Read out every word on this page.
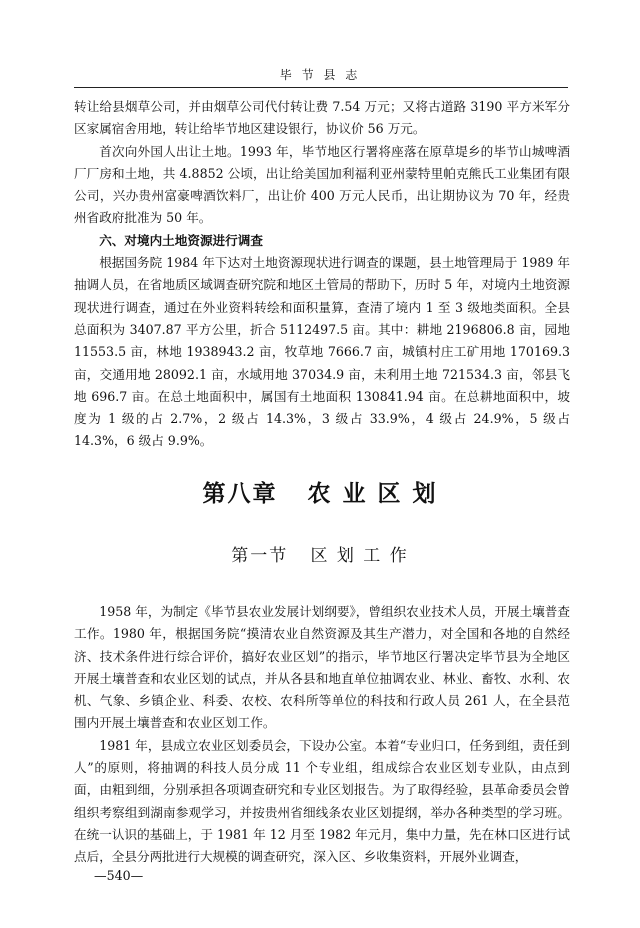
毕 节 县 志

转让给县烟草公司，并由烟草公司代付转让费 7.54 万元；又将古道路 3190 平方米军分区家属宿舍用地，转让给毕节地区建设银行，协议价 56 万元。

首次向外国人出让土地。1993 年，毕节地区行署将座落在原草堤乡的毕节山城啤酒厂厂房和土地，共 4.8852 公顷，出让给美国加利福利亚州蒙特里帕克熊氏工业集团有限公司，兴办贵州富豪啤酒饮料厂，出让价 400 万元人民币，出让期协议为 70 年，经贵州省政府批准为 50 年。

六、对境内土地资源进行调查

根据国务院 1984 年下达对土地资源现状进行调查的课题，县土地管理局于 1989 年抽调人员，在省地质区域调查研究院和地区土管局的帮助下，历时 5 年，对境内土地资源现状进行调查，通过在外业资料转绘和面积量算，查清了境内 1 至 3 级地类面积。全县总面积为 3407.87 平方公里，折合 5112497.5 亩。其中：耕地 2196806.8 亩，园地 11553.5 亩，林地 1938943.2 亩，牧草地 7666.7 亩，城镇村庄工矿用地 170169.3 亩，交通用地 28092.1 亩，水域用地 37034.9 亩，未利用土地 721534.3 亩，邻县飞地 696.7 亩。在总土地面积中，属国有土地面积 130841.94 亩。在总耕地面积中，坡度为 1 级的占 2.7%，2 级占 14.3%，3 级占 33.9%，4 级占 24.9%，5 级占 14.3%，6 级占 9.9%。

第八章   农 业 区 划
第一节   区 划 工 作

1958 年，为制定《毕节县农业发展计划纲要》，曾组织农业技术人员，开展土壤普查工作。1980 年，根据国务院“摸清农业自然资源及其生产潜力，对全国和各地的自然经济、技术条件进行综合评价，搞好农业区划”的指示，毕节地区行署决定毕节县为全地区开展土壤普查和农业区划的试点，并从各县和地直单位抽调农业、林业、畜牧、水利、农机、气象、乡镇企业、科委、农校、农科所等单位的科技和行政人员 261 人，在全县范围内开展土壤普查和农业区划工作。

1981 年，县成立农业区划委员会，下设办公室。本着“专业归口，任务到组，责任到人”的原则，将抽调的科技人员分成 11 个专业组，组成综合农业区划专业队，由点到面，由粗到细，分别承担各项调查研究和专业区划报告。为了取得经验，县革命委员会曾组织考察组到湖南参观学习，并按贵州省细线条农业区划提纲，举办各种类型的学习班。在统一认识的基础上，于 1981 年 12 月至 1982 年元月，集中力量，先在林口区进行试点后，全县分两批进行大规模的调查研究，深入区、乡收集资料，开展外业调查，

—540—
